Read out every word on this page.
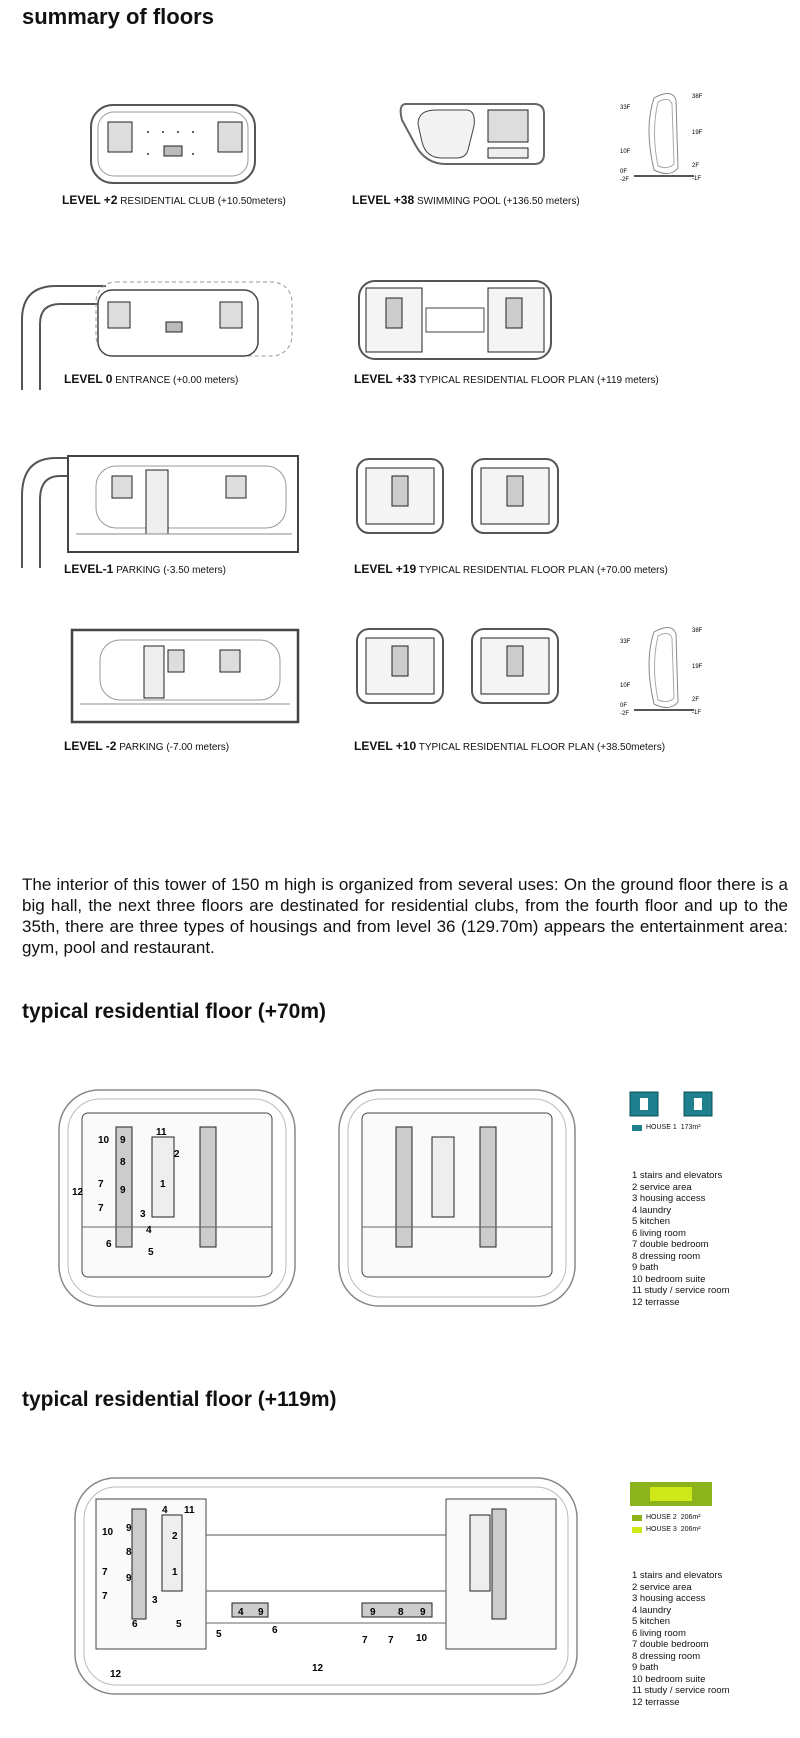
summary of floors
LEVEL +2 RESIDENTIAL CLUB (+10.50meters)	LEVEL +38 SWIMMING POOL (+136.50 meters)
38F
33F
19F
10F
2F
0F
-1F
-2F
LEVEL 0 ENTRANCE (+0.00 meters)	LEVEL +33 TYPICAL RESIDENTIAL FLOOR PLAN (+119 meters)
LEVEL-1 PARKING (-3.50 meters)	LEVEL +19 TYPICAL RESIDENTIAL FLOOR PLAN (+70.00 meters)
LEVEL -2 PARKING (-7.00 meters)	LEVEL +10 TYPICAL RESIDENTIAL FLOOR PLAN (+38.50meters)
38F
33F
19F
10F
2F
0F
-1F
-2F

The interior of this tower of 150 m high is organized from several uses: On the ground floor there is a big hall, the next three floors are destinated for residential clubs, from the fourth floor and up to the 35th, there are three types of housings and from level 36 (129.70m) appears the entertainment area: gym, pool and restaurant.

typical residential floor (+70m)
10 9
11
8
2
7
9
12
1
7
3
4
6
5
HOUSE 1 173m²
1 stairs and elevators
2 service area
3 housing access
4 laundry
5 kitchen
6 living room
7 double bedroom
8 dressing room
9 bath
10 bedroom suite
11 study / service room
12 terrasse
typical residential floor (+119m)
4 11
10 9
2
8
7
9
1
7	3
4 9
6	5
5	6
9 8 9
7 7 10
12
12
HOUSE 2 206m²
HOUSE 3 206m²
1 stairs and elevators
2 service area
3 housing access
4 laundry
5 kitchen
6 living room
7 double bedroom
8 dressing room
9 bath
10 bedroom suite
11 study / service room
12 terrasse
